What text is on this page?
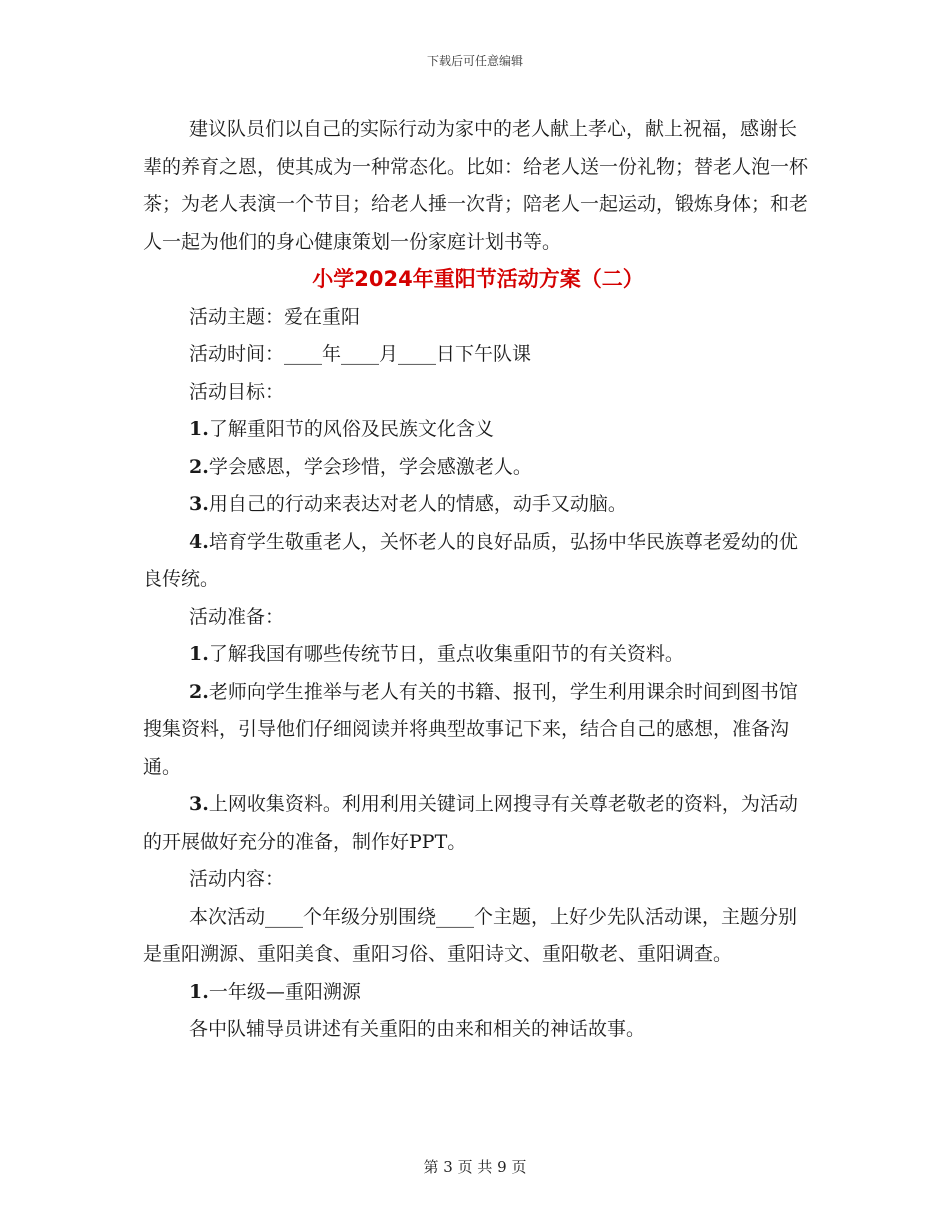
下载后可任意编辑

建议队员们以自己的实际行动为家中的老人献上孝心，献上祝福，感谢长辈的养育之恩，使其成为一种常态化。比如：给老人送一份礼物；替老人泡一杯茶；为老人表演一个节目；给老人捶一次背；陪老人一起运动，锻炼身体；和老人一起为他们的身心健康策划一份家庭计划书等。

小学2024年重阳节活动方案（二）

活动主题：爱在重阳

活动时间：____年____月____日下午队课

活动目标：

1.了解重阳节的风俗及民族文化含义

2.学会感恩，学会珍惜，学会感激老人。

3.用自己的行动来表达对老人的情感，动手又动脑。

4.培育学生敬重老人，关怀老人的良好品质，弘扬中华民族尊老爱幼的优良传统。

活动准备：

1.了解我国有哪些传统节日，重点收集重阳节的有关资料。

2.老师向学生推举与老人有关的书籍、报刊，学生利用课余时间到图书馆搜集资料，引导他们仔细阅读并将典型故事记下来，结合自己的感想，准备沟通。

3.上网收集资料。利用利用关键词上网搜寻有关尊老敬老的资料，为活动的开展做好充分的准备，制作好PPT。

活动内容：

本次活动____个年级分别围绕____个主题，上好少先队活动课，主题分别是重阳溯源、重阳美食、重阳习俗、重阳诗文、重阳敬老、重阳调查。

1.一年级—重阳溯源

各中队辅导员讲述有关重阳的由来和相关的神话故事。

第 3 页 共 9 页
